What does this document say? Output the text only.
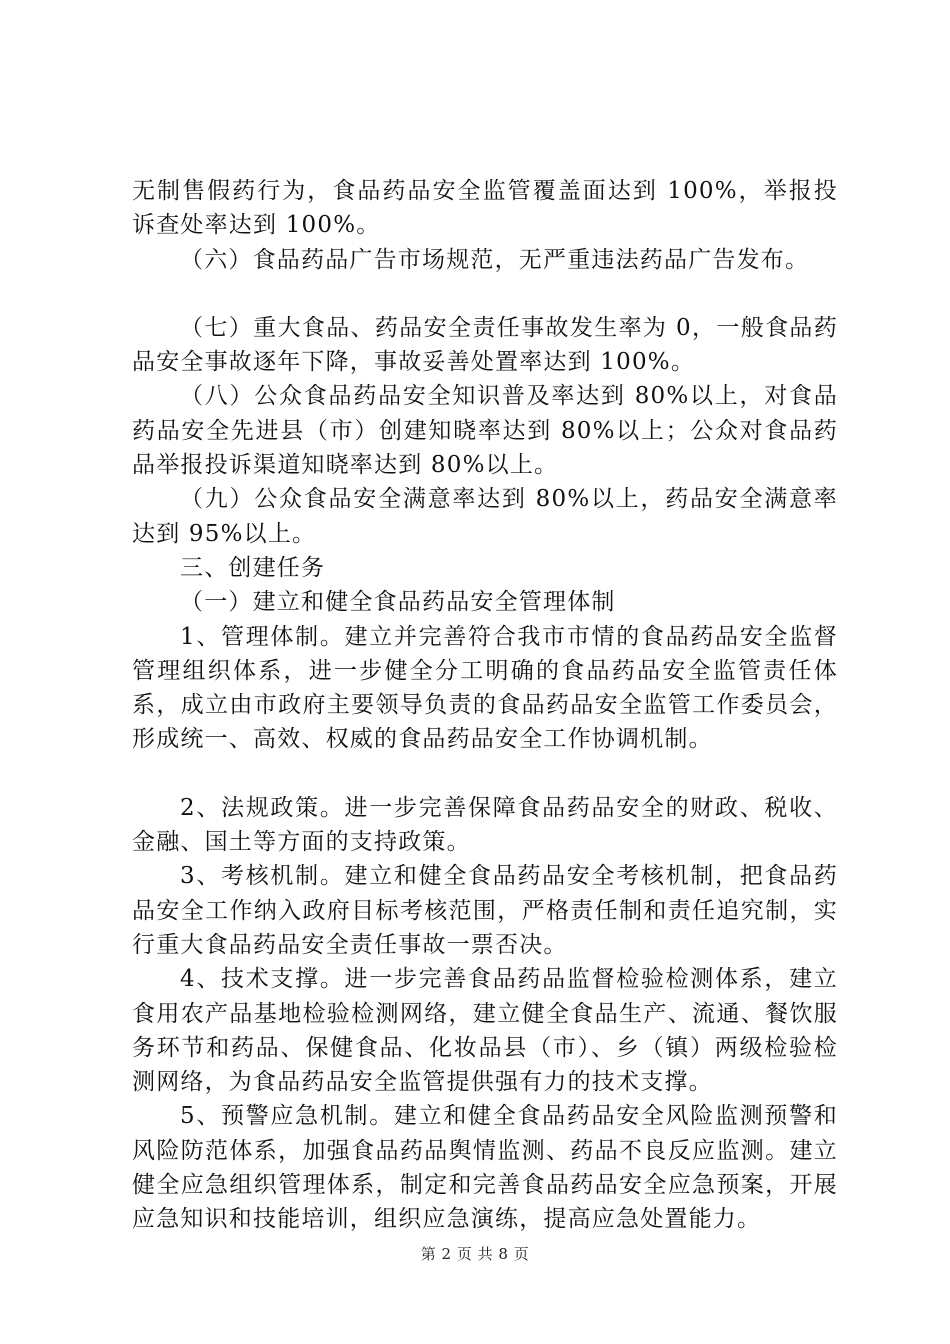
无制售假药行为，食品药品安全监管覆盖面达到 100%，举报投诉查处率达到 100%。

（六）食品药品广告市场规范，无严重违法药品广告发布。

（七）重大食品、药品安全责任事故发生率为 0，一般食品药品安全事故逐年下降，事故妥善处置率达到 100%。

（八）公众食品药品安全知识普及率达到 80%以上，对食品药品安全先进县（市）创建知晓率达到 80%以上；公众对食品药品举报投诉渠道知晓率达到 80%以上。

（九）公众食品安全满意率达到 80%以上，药品安全满意率达到 95%以上。

三、创建任务

（一）建立和健全食品药品安全管理体制

1、管理体制。建立并完善符合我市市情的食品药品安全监督管理组织体系，进一步健全分工明确的食品药品安全监管责任体系，成立由市政府主要领导负责的食品药品安全监管工作委员会，形成统一、高效、权威的食品药品安全工作协调机制。

2、法规政策。进一步完善保障食品药品安全的财政、税收、金融、国土等方面的支持政策。

3、考核机制。建立和健全食品药品安全考核机制，把食品药品安全工作纳入政府目标考核范围，严格责任制和责任追究制，实行重大食品药品安全责任事故一票否决。

4、技术支撑。进一步完善食品药品监督检验检测体系，建立食用农产品基地检验检测网络，建立健全食品生产、流通、餐饮服务环节和药品、保健食品、化妆品县（市）、乡（镇）两级检验检测网络，为食品药品安全监管提供强有力的技术支撑。

5、预警应急机制。建立和健全食品药品安全风险监测预警和风险防范体系，加强食品药品舆情监测、药品不良反应监测。建立健全应急组织管理体系，制定和完善食品药品安全应急预案，开展应急知识和技能培训，组织应急演练，提高应急处置能力。

第 2 页 共 8 页
